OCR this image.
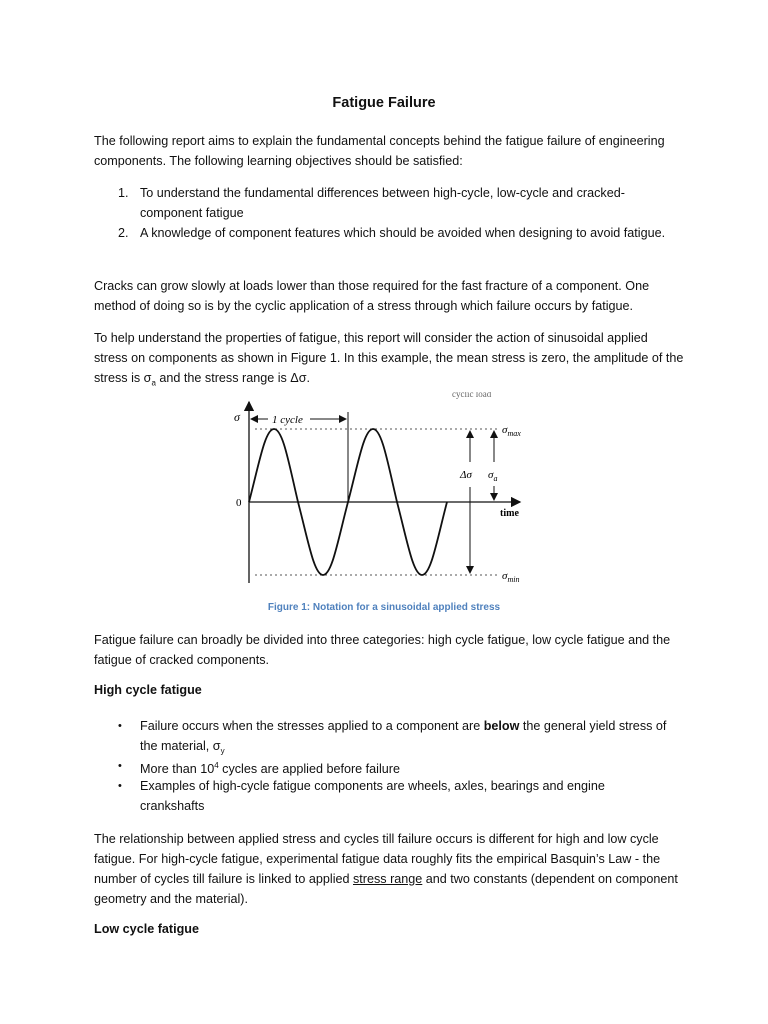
Fatigue Failure
The following report aims to explain the fundamental concepts behind the fatigue failure of engineering components. The following learning objectives should be satisfied:
1. To understand the fundamental differences between high-cycle, low-cycle and cracked-component fatigue
2. A knowledge of component features which should be avoided when designing to avoid fatigue.
Cracks can grow slowly at loads lower than those required for the fast fracture of a component. One method of doing so is by the cyclic application of a stress through which failure occurs by fatigue.
To help understand the properties of fatigue, this report will consider the action of sinusoidal applied stress on components as shown in Figure 1. In this example, the mean stress is zero, the amplitude of the stress is $\sigma_a$ and the stress range is Δσ.
σ	1 cycle
0
time
cyclic load
$\sigma_{max}$
$\sigma_{min}$
Δσ $\sigma_a$
Figure 1: Notation for a sinusoidal applied stress
Fatigue failure can broadly be divided into three categories: high cycle fatigue, low cycle fatigue and the fatigue of cracked components.
High cycle fatigue
• Failure occurs when the stresses applied to a component are below the general yield stress of the material, $\sigma_y$
• More than $10^4$ cycles are applied before failure
• Examples of high-cycle fatigue components are wheels, axles, bearings and engine crankshafts
The relationship between applied stress and cycles till failure occurs is different for high and low cycle fatigue. For high-cycle fatigue, experimental fatigue data roughly fits the empirical Basquin’s Law - the number of cycles till failure is linked to applied stress range and two constants (dependent on component geometry and the material).
Low cycle fatigue
